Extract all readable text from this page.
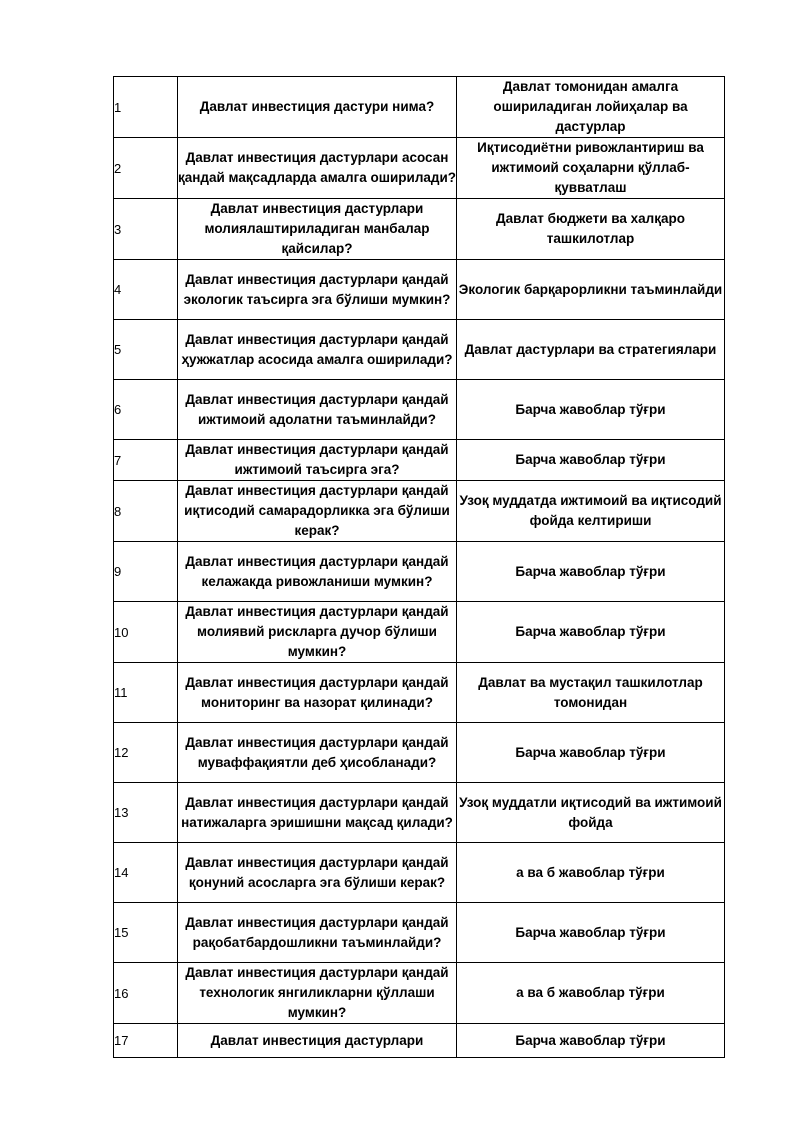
1	Давлат инвестиция дастури нима?	Давлат томонидан амалга ошириладиган лойиҳалар ва дастурлар
2	Давлат инвестиция дастурлари асосан қандай мақсадларда амалга оширилади?	Иқтисодиётни ривожлантириш ва ижтимоий соҳаларни қўллаб-қувватлаш
3	Давлат инвестиция дастурлари молиялаштириладиган манбалар қайсилар?	Давлат бюджети ва халқаро ташкилотлар
4	Давлат инвестиция дастурлари қандай экологик таъсирга эга бўлиши мумкин?	Экологик барқарорликни таъминлайди
5	Давлат инвестиция дастурлари қандай ҳужжатлар асосида амалга оширилади?	Давлат дастурлари ва стратегиялари
6	Давлат инвестиция дастурлари қандай ижтимоий адолатни таъминлайди?	Барча жавоблар тўғри
7	Давлат инвестиция дастурлари қандай ижтимоий таъсирга эга?	Барча жавоблар тўғри
8	Давлат инвестиция дастурлари қандай иқтисодий самарадорликка эга бўлиши керак?	Узоқ муддатда ижтимоий ва иқтисодий фойда келтириши
9	Давлат инвестиция дастурлари қандай келажакда ривожланиши мумкин?	Барча жавоблар тўғри
10	Давлат инвестиция дастурлари қандай молиявий рискларга дучор бўлиши мумкин?	Барча жавоблар тўғри
11	Давлат инвестиция дастурлари қандай мониторинг ва назорат қилинади?	Давлат ва мустақил ташкилотлар томонидан
12	Давлат инвестиция дастурлари қандай муваффақиятли деб ҳисобланади?	Барча жавоблар тўғри
13	Давлат инвестиция дастурлари қандай натижаларга эришишни мақсад қилади?	Узоқ муддатли иқтисодий ва ижтимоий фойда
14	Давлат инвестиция дастурлари қандай қонуний асосларга эга бўлиши керак?	а ва б жавоблар тўғри
15	Давлат инвестиция дастурлари қандай рақобатбардошликни таъминлайди?	Барча жавоблар тўғри
16	Давлат инвестиция дастурлари қандай технологик янгиликларни қўллаши мумкин?	а ва б жавоблар тўғри
17	Давлат инвестиция дастурлари	Барча жавоблар тўғри
